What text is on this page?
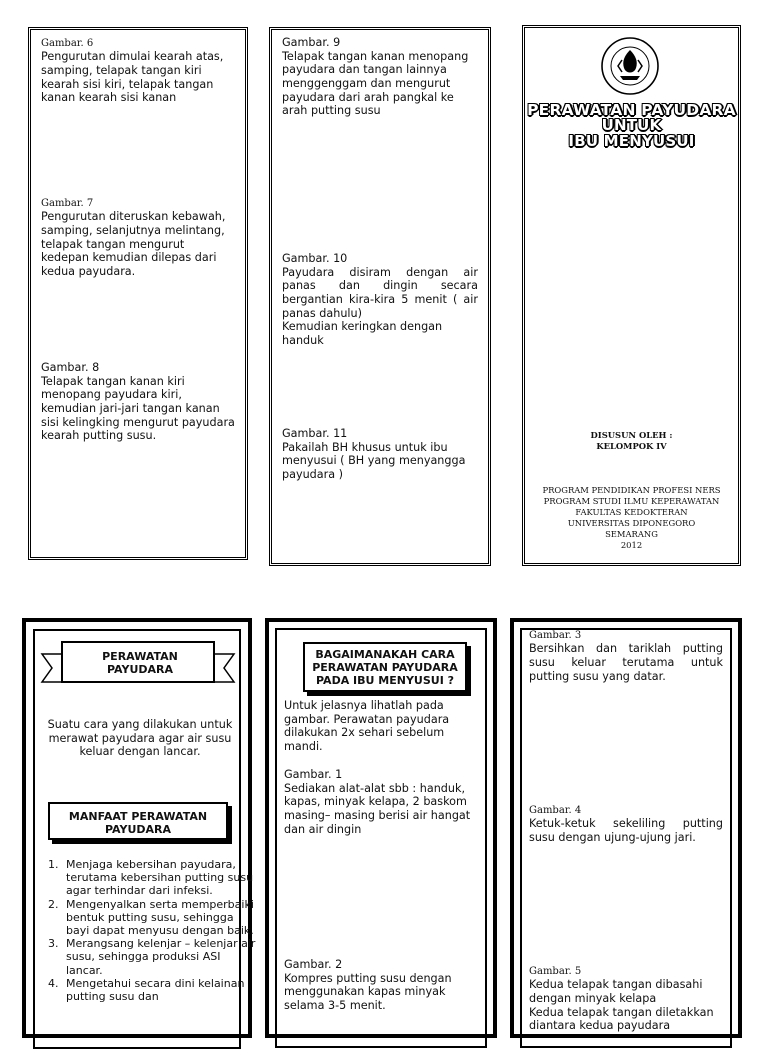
Gambar. 6
Pengurutan dimulai kearah atas, samping, telapak tangan kiri kearah sisi kiri, telapak tangan kanan kearah sisi kanan
Gambar. 7
Pengurutan diteruskan kebawah, samping, selanjutnya melintang, telapak tangan mengurut kedepan kemudian dilepas dari kedua payudara.
Gambar. 8
Telapak tangan kanan kiri menopang payudara kiri, kemudian jari-jari tangan kanan sisi kelingking mengurut payudara kearah putting susu.
Gambar. 9
Telapak tangan kanan menopang payudara dan tangan lainnya menggenggam dan mengurut payudara dari arah pangkal ke arah putting susu
Gambar. 10
Payudara disiram dengan air panas dan dingin secara bergantian kira-kira 5 menit ( air panas dahulu)
Kemudian keringkan dengan handuk
Gambar. 11
Pakailah BH khusus untuk ibu menyusui ( BH yang menyangga payudara )
PERAWATAN PAYUDARA
UNTUK
IBU MENYUSUI
DISUSUN OLEH :
KELOMPOK IV
PROGRAM PENDIDIKAN PROFESI NERS
PROGRAM STUDI ILMU KEPERAWATAN
FAKULTAS KEDOKTERAN
UNIVERSITAS DIPONEGORO
SEMARANG
2012
PERAWATAN PAYUDARA
Suatu cara yang dilakukan untuk merawat payudara agar air susu keluar dengan lancar.
MANFAAT PERAWATAN PAYUDARA
1. Menjaga kebersihan payudara, terutama kebersihan putting susu agar terhindar dari infeksi.
2. Mengenyalkan serta memperbaiki bentuk putting susu, sehingga bayi dapat menyusu dengan baik.
3. Merangsang kelenjar – kelenjar air susu, sehingga produksi ASI lancar.
4. Mengetahui secara dini kelainan putting susu dan
BAGAIMANAKAH CARA PERAWATAN PAYUDARA PADA IBU MENYUSUI ?
Untuk jelasnya lihatlah pada gambar. Perawatan payudara dilakukan 2x sehari sebelum mandi.
Gambar. 1
Sediakan alat-alat sbb : handuk, kapas, minyak kelapa, 2 baskom masing– masing berisi air hangat dan air dingin
Gambar. 2
Kompres putting susu dengan menggunakan kapas minyak selama 3-5 menit.
Gambar. 3
Bersihkan dan tariklah putting susu keluar terutama untuk putting susu yang datar.
Gambar. 4
Ketuk-ketuk sekeliling putting susu dengan ujung-ujung jari.
Gambar. 5
Kedua telapak tangan dibasahi dengan minyak kelapa
Kedua telapak tangan diletakkan diantara kedua payudara
